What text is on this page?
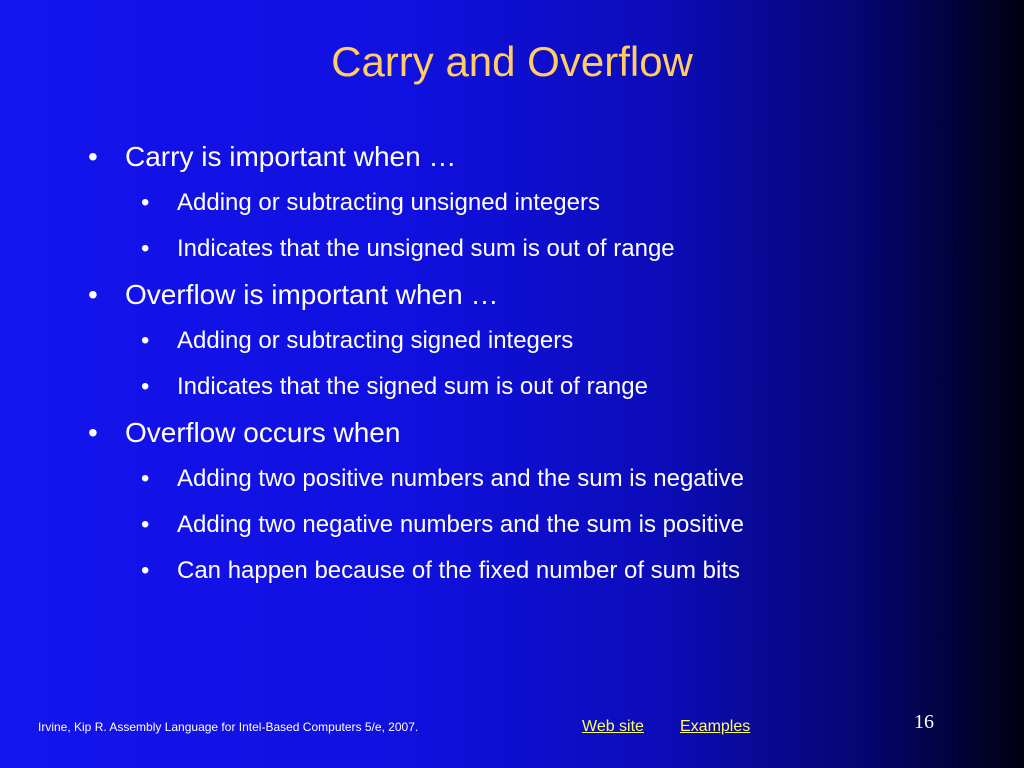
Carry and Overflow
• Carry is important when …
• Adding or subtracting unsigned integers
• Indicates that the unsigned sum is out of range
• Overflow is important when …
• Adding or subtracting signed integers
• Indicates that the signed sum is out of range
• Overflow occurs when
• Adding two positive numbers and the sum is negative
• Adding two negative numbers and the sum is positive
• Can happen because of the fixed number of sum bits
Irvine, Kip R. Assembly Language for Intel-Based Computers 5/e, 2007.	Web site Examples	16
